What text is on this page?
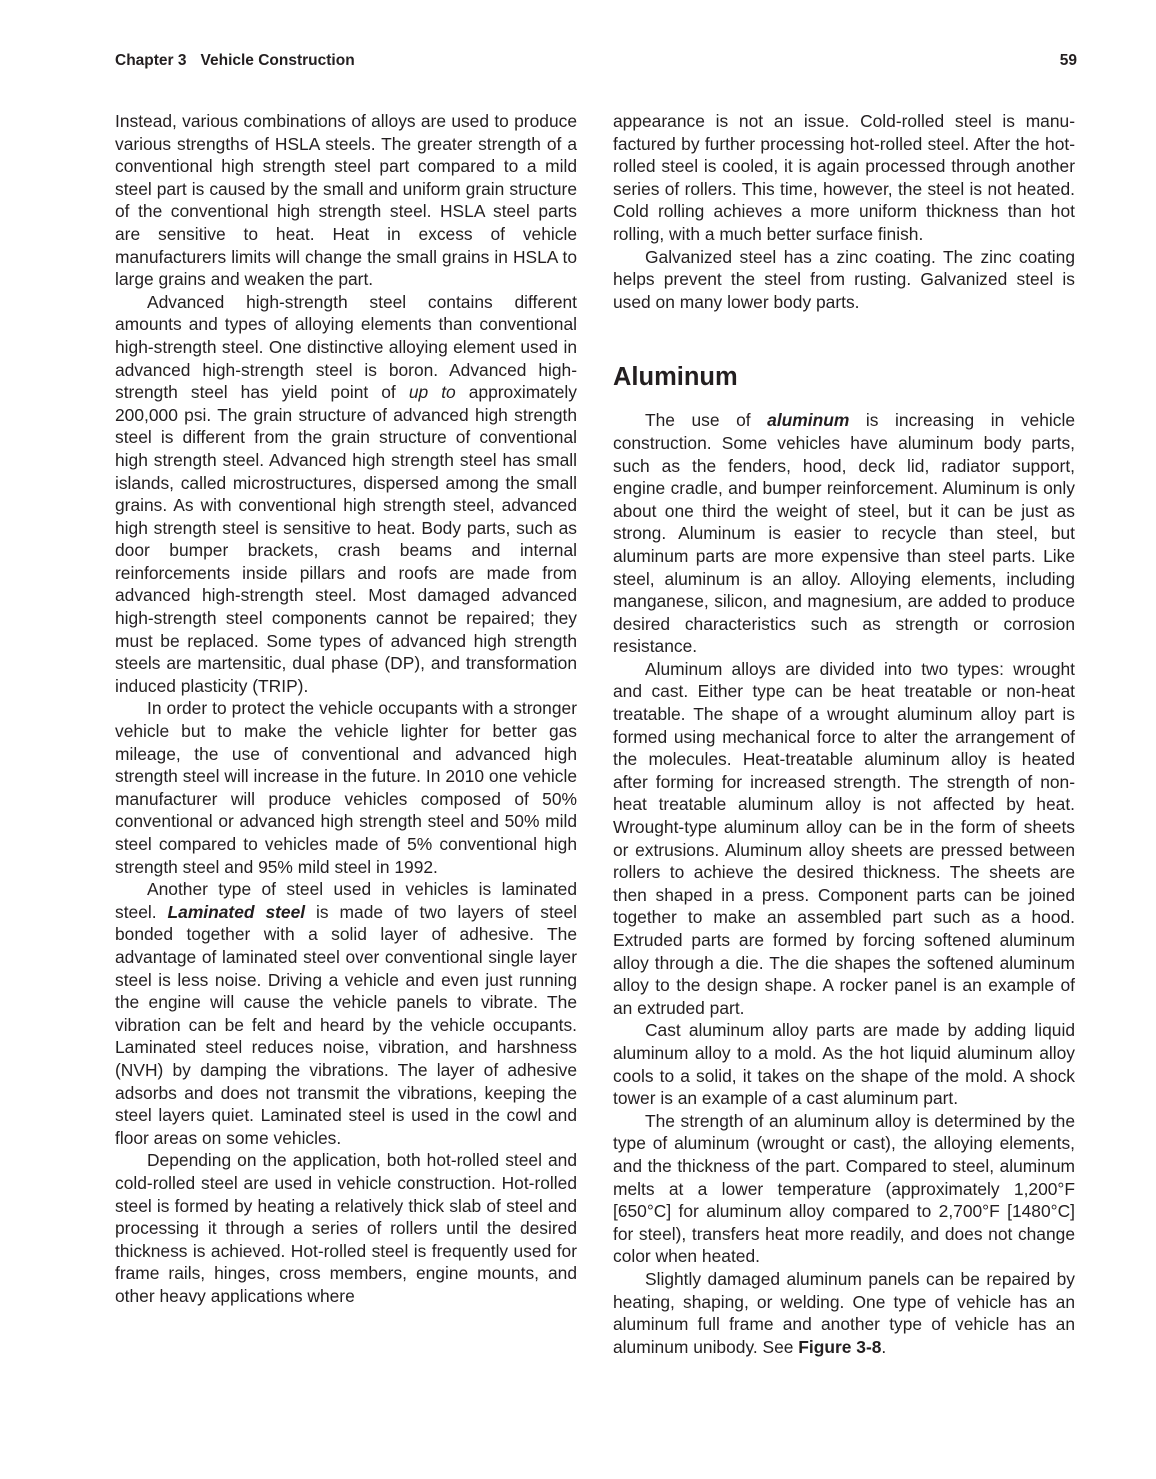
Chapter 3 Vehicle Construction	59

Instead, various combinations of alloys are used to produce various strengths of HSLA steels. The greater strength of a conventional high strength steel part compared to a mild steel part is caused by the small and uniform grain structure of the conventional high strength steel. HSLA steel parts are sensitive to heat. Heat in excess of vehicle manufacturers limits will change the small grains in HSLA to large grains and weaken the part.

Advanced high-strength steel contains different amounts and types of alloying elements than conventional high-strength steel. One distinctive alloying element used in advanced high-strength steel is boron. Advanced high-strength steel has yield point of up to approximately 200,000 psi. The grain structure of advanced high strength steel is different from the grain structure of conventional high strength steel. Advanced high strength steel has small islands, called microstructures, dispersed among the small grains. As with conventional high strength steel, advanced high strength steel is sensitive to heat. Body parts, such as door bumper brackets, crash beams and internal reinforcements inside pillars and roofs are made from advanced high-strength steel. Most damaged advanced high-strength steel components cannot be repaired; they must be replaced. Some types of advanced high strength steels are martensitic, dual phase (DP), and transformation induced plasticity (TRIP).

In order to protect the vehicle occupants with a stronger vehicle but to make the vehicle lighter for better gas mileage, the use of conventional and advanced high strength steel will increase in the future. In 2010 one vehicle manufacturer will produce vehicles composed of 50% conventional or advanced high strength steel and 50% mild steel compared to vehicles made of 5% conventional high strength steel and 95% mild steel in 1992.

Another type of steel used in vehicles is laminated steel. Laminated steel is made of two layers of steel bonded together with a solid layer of adhesive. The advantage of laminated steel over conventional single layer steel is less noise. Driving a vehicle and even just running the engine will cause the vehicle panels to vibrate. The vibration can be felt and heard by the vehicle occupants. Laminated steel reduces noise, vibration, and harshness (NVH) by damping the vibrations. The layer of adhesive adsorbs and does not transmit the vibrations, keeping the steel layers quiet. Laminated steel is used in the cowl and floor areas on some vehicles.

Depending on the application, both hot-rolled steel and cold-rolled steel are used in vehicle construction. Hot-rolled steel is formed by heating a relatively thick slab of steel and processing it through a series of rollers until the desired thickness is achieved. Hot-rolled steel is frequently used for frame rails, hinges, cross members, engine mounts, and other heavy applications where

appearance is not an issue. Cold-rolled steel is manufactured by further processing hot-rolled steel. After the hot-rolled steel is cooled, it is again processed through another series of rollers. This time, however, the steel is not heated. Cold rolling achieves a more uniform thickness than hot rolling, with a much better surface finish.

Galvanized steel has a zinc coating. The zinc coating helps prevent the steel from rusting. Galvanized steel is used on many lower body parts.

Aluminum

The use of aluminum is increasing in vehicle construction. Some vehicles have aluminum body parts, such as the fenders, hood, deck lid, radiator support, engine cradle, and bumper reinforcement. Aluminum is only about one third the weight of steel, but it can be just as strong. Aluminum is easier to recycle than steel, but aluminum parts are more expensive than steel parts. Like steel, aluminum is an alloy. Alloying elements, including manganese, silicon, and magnesium, are added to produce desired characteristics such as strength or corrosion resistance.

Aluminum alloys are divided into two types: wrought and cast. Either type can be heat treatable or non-heat treatable. The shape of a wrought aluminum alloy part is formed using mechanical force to alter the arrangement of the molecules. Heat-treatable aluminum alloy is heated after forming for increased strength. The strength of non-heat treatable aluminum alloy is not affected by heat. Wrought-type aluminum alloy can be in the form of sheets or extrusions. Aluminum alloy sheets are pressed between rollers to achieve the desired thickness. The sheets are then shaped in a press. Component parts can be joined together to make an assembled part such as a hood. Extruded parts are formed by forcing softened aluminum alloy through a die. The die shapes the softened aluminum alloy to the design shape. A rocker panel is an example of an extruded part.

Cast aluminum alloy parts are made by adding liquid aluminum alloy to a mold. As the hot liquid aluminum alloy cools to a solid, it takes on the shape of the mold. A shock tower is an example of a cast aluminum part.

The strength of an aluminum alloy is determined by the type of aluminum (wrought or cast), the alloying elements, and the thickness of the part. Compared to steel, aluminum melts at a lower temperature (approximately 1,200°F [650°C] for aluminum alloy compared to 2,700°F [1480°C] for steel), transfers heat more readily, and does not change color when heated.

Slightly damaged aluminum panels can be repaired by heating, shaping, or welding. One type of vehicle has an aluminum full frame and another type of vehicle has an aluminum unibody. See Figure 3-8.
